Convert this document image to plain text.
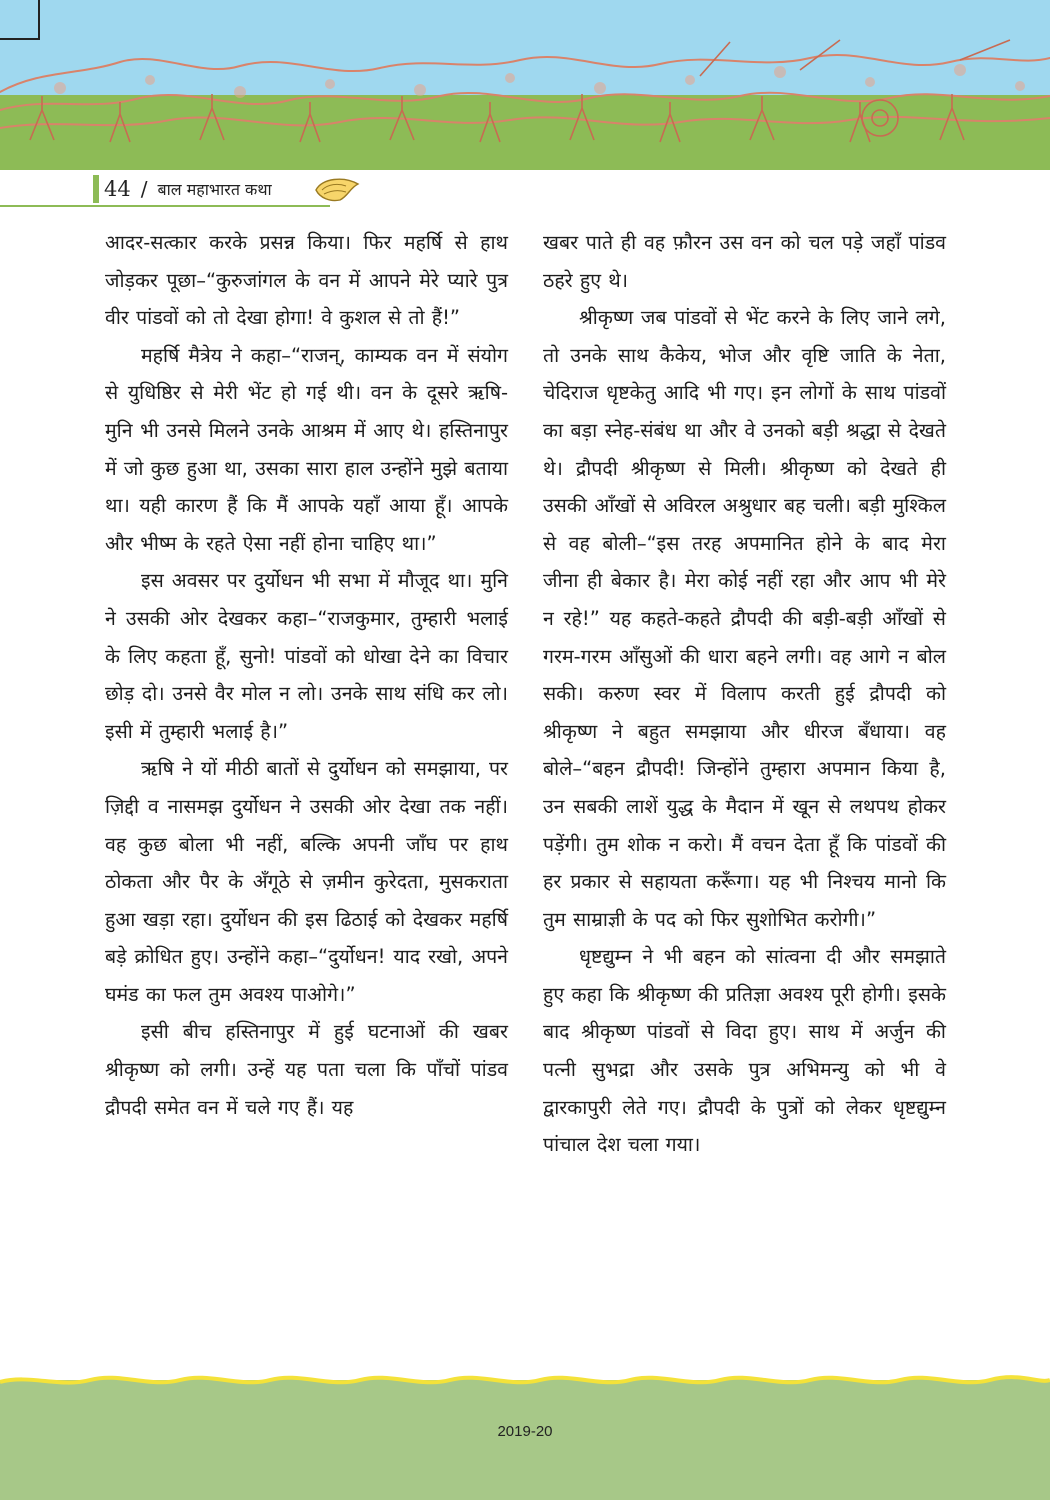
44 / बाल महाभारत कथा

आदर-सत्कार करके प्रसन्न किया। फिर महर्षि से हाथ जोड़कर पूछा–“कुरुजांगल के वन में आपने मेरे प्यारे पुत्र वीर पांडवों को तो देखा होगा! वे कुशल से तो हैं!”

महर्षि मैत्रेय ने कहा–“राजन्, काम्यक वन में संयोग से युधिष्ठिर से मेरी भेंट हो गई थी। वन के दूसरे ऋषि-मुनि भी उनसे मिलने उनके आश्रम में आए थे। हस्तिनापुर में जो कुछ हुआ था, उसका सारा हाल उन्होंने मुझे बताया था। यही कारण हैं कि मैं आपके यहाँ आया हूँ। आपके और भीष्म के रहते ऐसा नहीं होना चाहिए था।”

इस अवसर पर दुर्योधन भी सभा में मौजूद था। मुनि ने उसकी ओर देखकर कहा–“राजकुमार, तुम्हारी भलाई के लिए कहता हूँ, सुनो! पांडवों को धोखा देने का विचार छोड़ दो। उनसे वैर मोल न लो। उनके साथ संधि कर लो। इसी में तुम्हारी भलाई है।”

ऋषि ने यों मीठी बातों से दुर्योधन को समझाया, पर ज़िद्दी व नासमझ दुर्योधन ने उसकी ओर देखा तक नहीं। वह कुछ बोला भी नहीं, बल्कि अपनी जाँघ पर हाथ ठोकता और पैर के अँगूठे से ज़मीन कुरेदता, मुसकराता हुआ खड़ा रहा। दुर्योधन की इस ढिठाई को देखकर महर्षि बड़े क्रोधित हुए। उन्होंने कहा–“दुर्योधन! याद रखो, अपने घमंड का फल तुम अवश्य पाओगे।”

इसी बीच हस्तिनापुर में हुई घटनाओं की खबर श्रीकृष्ण को लगी। उन्हें यह पता चला कि पाँचों पांडव द्रौपदी समेत वन में चले गए हैं। यह

खबर पाते ही वह फ़ौरन उस वन को चल पड़े जहाँ पांडव ठहरे हुए थे।

श्रीकृष्ण जब पांडवों से भेंट करने के लिए जाने लगे, तो उनके साथ कैकेय, भोज और वृष्टि जाति के नेता, चेदिराज धृष्टकेतु आदि भी गए। इन लोगों के साथ पांडवों का बड़ा स्नेह-संबंध था और वे उनको बड़ी श्रद्धा से देखते थे। द्रौपदी श्रीकृष्ण से मिली। श्रीकृष्ण को देखते ही उसकी आँखों से अविरल अश्रुधार बह चली। बड़ी मुश्किल से वह बोली–“इस तरह अपमानित होने के बाद मेरा जीना ही बेकार है। मेरा कोई नहीं रहा और आप भी मेरे न रहे!” यह कहते-कहते द्रौपदी की बड़ी-बड़ी आँखों से गरम-गरम आँसुओं की धारा बहने लगी। वह आगे न बोल सकी। करुण स्वर में विलाप करती हुई द्रौपदी को श्रीकृष्ण ने बहुत समझाया और धीरज बँधाया। वह बोले–“बहन द्रौपदी! जिन्होंने तुम्हारा अपमान किया है, उन सबकी लाशें युद्ध के मैदान में खून से लथपथ होकर पड़ेंगी। तुम शोक न करो। मैं वचन देता हूँ कि पांडवों की हर प्रकार से सहायता करूँगा। यह भी निश्चय मानो कि तुम साम्राज्ञी के पद को फिर सुशोभित करोगी।”

धृष्टद्युम्न ने भी बहन को सांत्वना दी और समझाते हुए कहा कि श्रीकृष्ण की प्रतिज्ञा अवश्य पूरी होगी। इसके बाद श्रीकृष्ण पांडवों से विदा हुए। साथ में अर्जुन की पत्नी सुभद्रा और उसके पुत्र अभिमन्यु को भी वे द्वारकापुरी लेते गए। द्रौपदी के पुत्रों को लेकर धृष्टद्युम्न पांचाल देश चला गया।

2019-20
